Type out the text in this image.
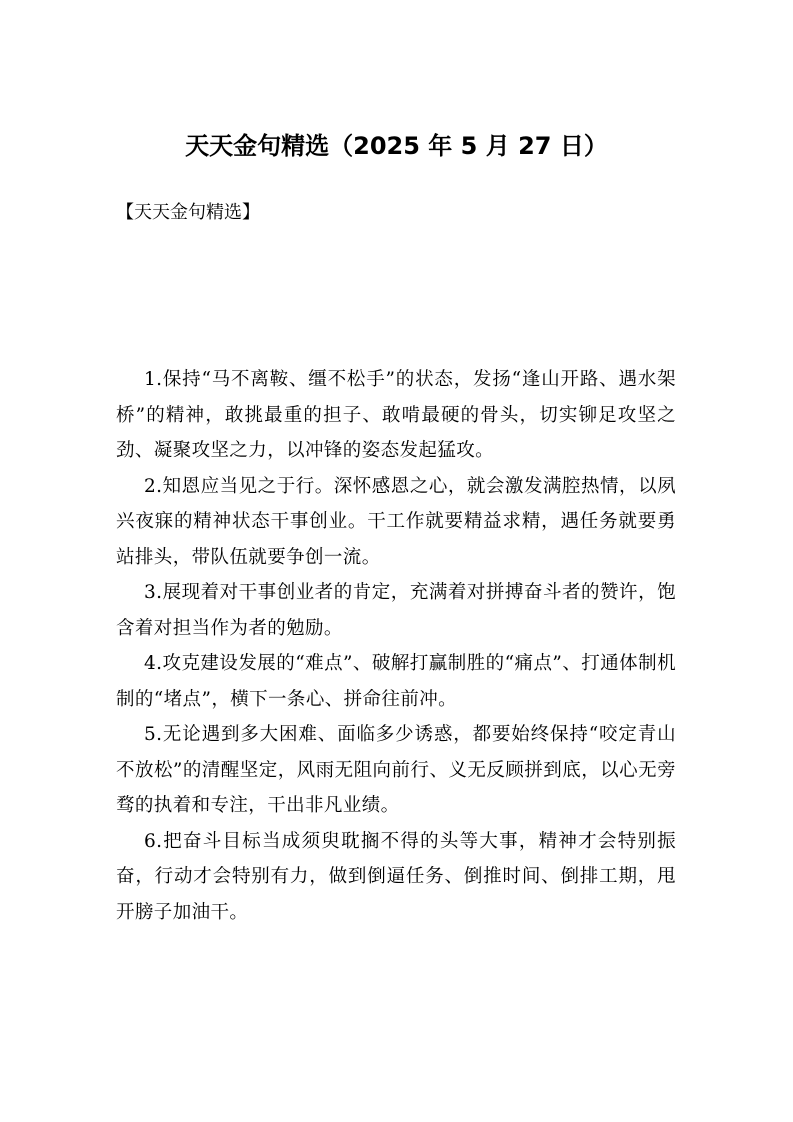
天天金句精选（2025 年 5 月 27 日）

【天天金句精选】

1.保持“马不离鞍、缰不松手”的状态，发扬“逢山开路、遇水架桥”的精神，敢挑最重的担子、敢啃最硬的骨头，切实铆足攻坚之劲、凝聚攻坚之力，以冲锋的姿态发起猛攻。

2.知恩应当见之于行。深怀感恩之心，就会激发满腔热情，以夙兴夜寐的精神状态干事创业。干工作就要精益求精，遇任务就要勇站排头，带队伍就要争创一流。

3.展现着对干事创业者的肯定，充满着对拼搏奋斗者的赞许，饱含着对担当作为者的勉励。

4.攻克建设发展的“难点”、破解打赢制胜的“痛点”、打通体制机制的“堵点”，横下一条心、拼命往前冲。

5.无论遇到多大困难、面临多少诱惑，都要始终保持“咬定青山不放松”的清醒坚定，风雨无阻向前行、义无反顾拼到底，以心无旁骛的执着和专注，干出非凡业绩。

6.把奋斗目标当成须臾耽搁不得的头等大事，精神才会特别振奋，行动才会特别有力，做到倒逼任务、倒推时间、倒排工期，甩开膀子加油干。
